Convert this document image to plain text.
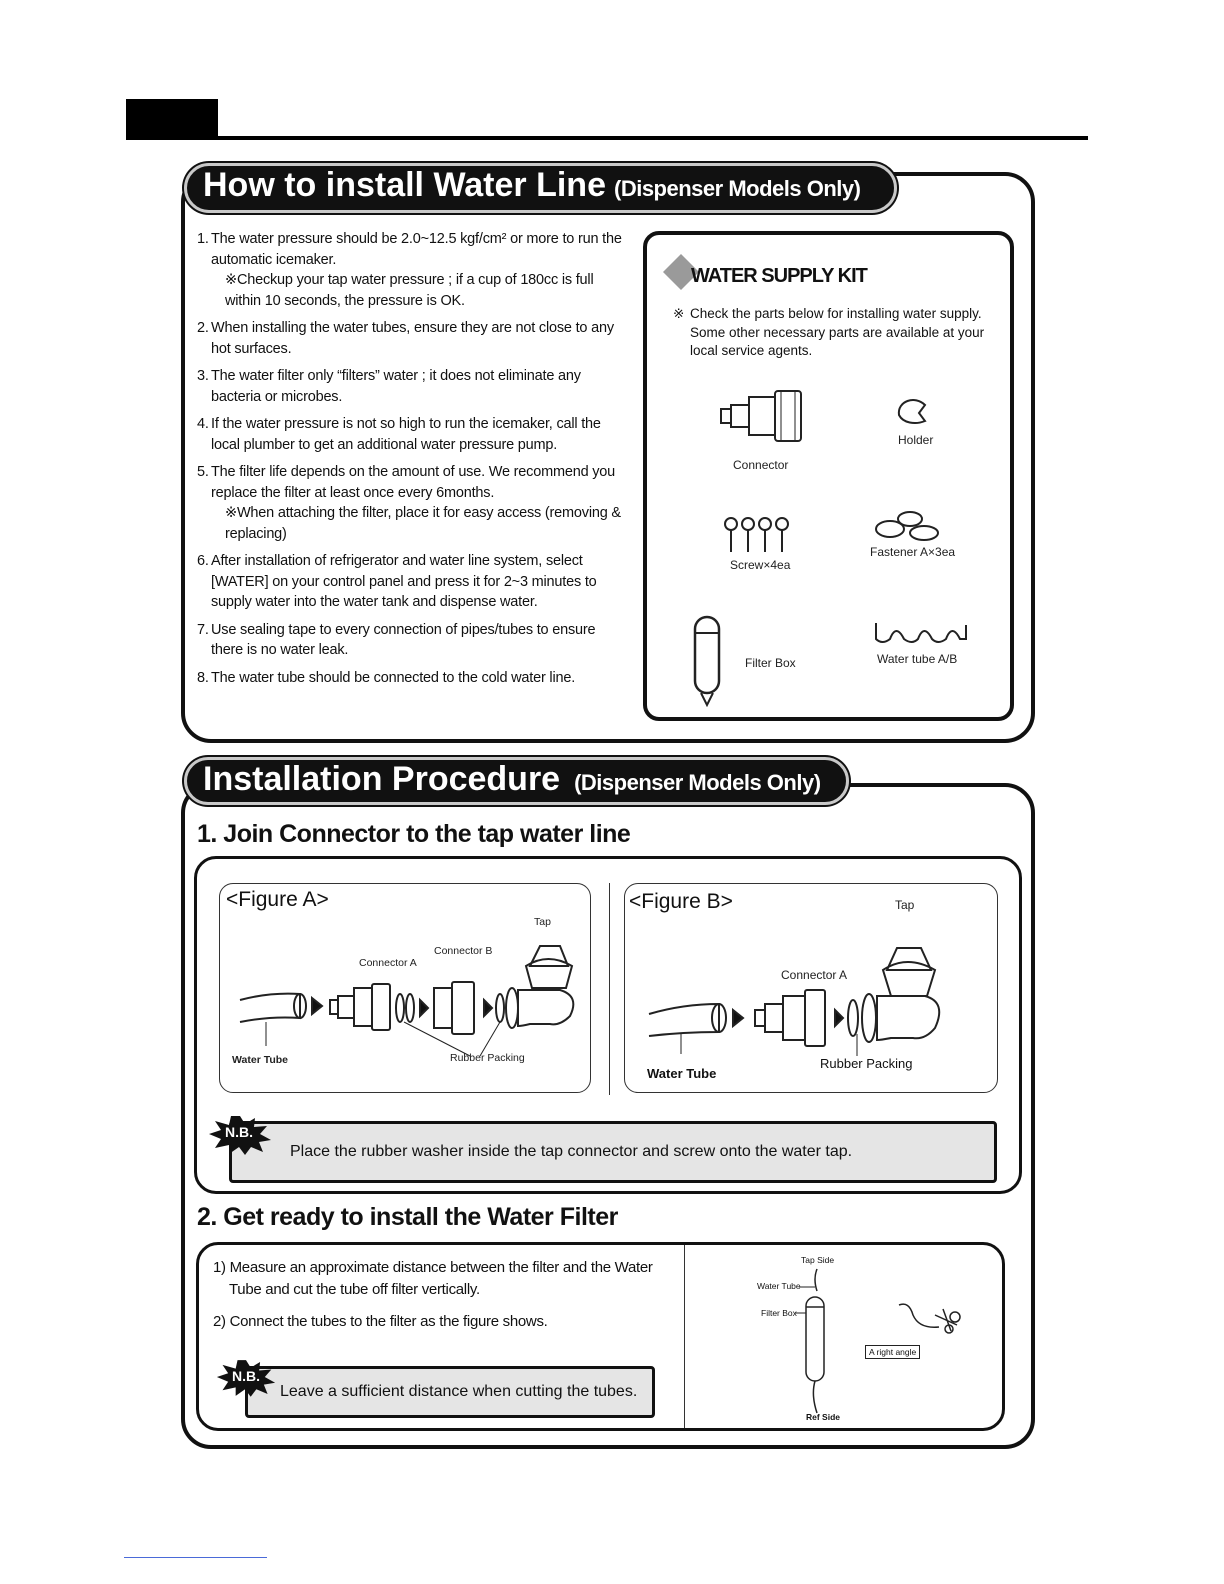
How to install Water Line (Dispenser Models Only)
1. The water pressure should be 2.0~12.5 kgf/cm² or more to run the automatic icemaker.
※Checkup your tap water pressure ; if a cup of 180cc is full within 10 seconds, the pressure is OK.
2. When installing the water tubes, ensure they are not close to any hot surfaces.
3. The water filter only “filters” water ; it does not eliminate any bacteria or microbes.
4. If the water pressure is not so high to run the icemaker, call the local plumber to get an additional water pressure pump.
5. The filter life depends on the amount of use. We recommend you replace the filter at least once every 6months.
※When attaching the filter, place it for easy access (removing & replacing)
6. After installation of refrigerator and water line system, select [WATER] on your control panel and press it for 2~3 minutes to supply water into the water tank and dispense water.
7. Use sealing tape to every connection of pipes/tubes to ensure there is no water leak.
8. The water tube should be connected to the cold water line.
WATER SUPPLY KIT
※ Check the parts below for installing water supply. Some other necessary parts are available at your local service agents.
Connector
Holder
Screw×4ea
Fastener A×3ea
Filter Box	Water tube A/B
Installation Procedure (Dispenser Models Only)
1. Join Connector to the tap water line
<Figure A>
Tap
Connector B
Connector A
Water Tube	Rubber Packing
<Figure B>	Tap
Connector A
Water Tube
Rubber Packing
Place the rubber washer inside the tap connector and screw onto the water tap.
N.B.
2. Get ready to install the Water Filter
1) Measure an approximate distance between the filter and the Water Tube and cut the tube off filter vertically.
2) Connect the tubes to the filter as the figure shows.
Leave a sufficient distance when cutting the tubes.
N.B.
Tap Side
Water Tube
Filter Box
A right angle
Ref Side
